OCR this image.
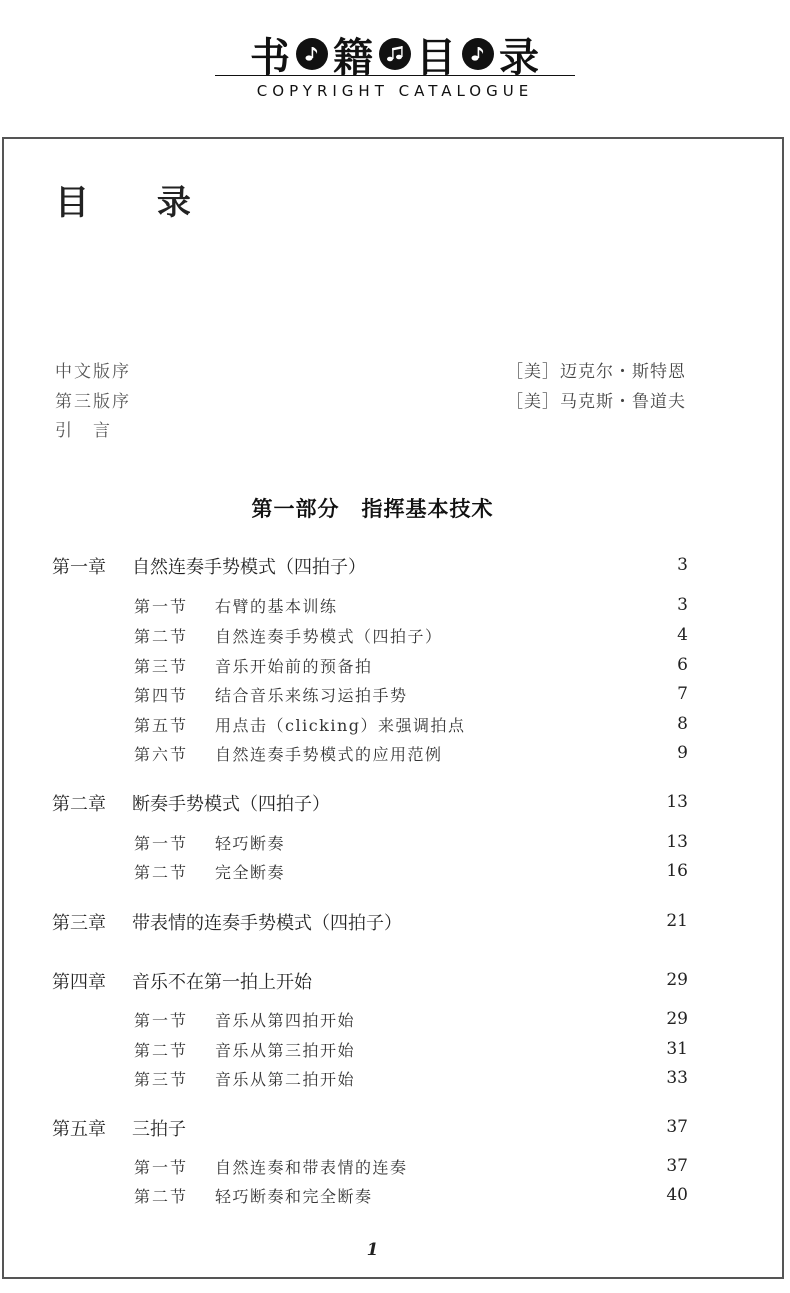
书 籍 目 录
COPYRIGHT CATALOGUE
目 录
中文版序	［美］迈克尔・斯特恩
第三版序	［美］马克斯・鲁道夫
引　言
第一部分　指挥基本技术
第一章 自然连奏手势模式（四拍子）	3
第一节 右臂的基本训练	3
第二节 自然连奏手势模式（四拍子）	4
第三节 音乐开始前的预备拍	6
第四节 结合音乐来练习运拍手势	7
第五节 用点击（clicking）来强调拍点	8
第六节 自然连奏手势模式的应用范例	9
第二章 断奏手势模式（四拍子）	13
第一节 轻巧断奏	13
第二节 完全断奏	16
第三章 带表情的连奏手势模式（四拍子）	21
第四章 音乐不在第一拍上开始	29
第一节 音乐从第四拍开始	29
第二节 音乐从第三拍开始	31
第三节 音乐从第二拍开始	33
第五章 三拍子	37
第一节 自然连奏和带表情的连奏	37
第二节 轻巧断奏和完全断奏	40
1
